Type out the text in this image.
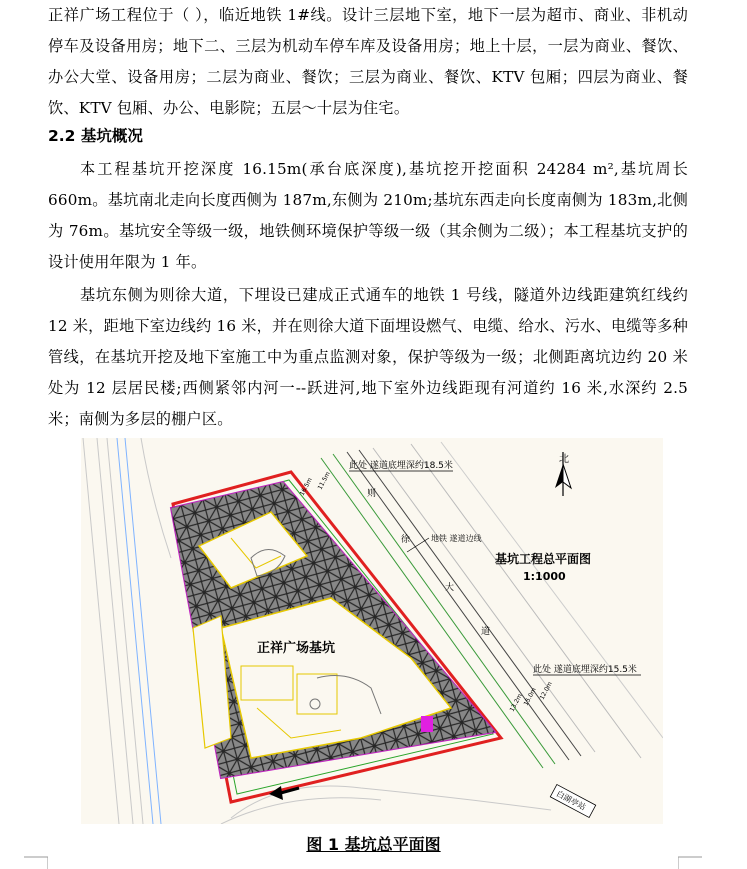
正祥广场工程位于（ ），临近地铁 1#线。设计三层地下室，地下一层为超市、商业、非机动停车及设备用房；地下二、三层为机动车停车库及设备用房；地上十层，一层为商业、餐饮、办公大堂、设备用房；二层为商业、餐饮；三层为商业、餐饮、KTV 包厢；四层为商业、餐饮、KTV 包厢、办公、电影院；五层～十层为住宅。

2.2 基坑概况

本工程基坑开挖深度 16.15m(承台底深度),基坑挖开挖面积 24284 m²,基坑周长 660m。基坑南北走向长度西侧为 187m,东侧为 210m;基坑东西走向长度南侧为 183m,北侧为 76m。基坑安全等级一级，地铁侧环境保护等级一级（其余侧为二级）；本工程基坑支护的设计使用年限为 1 年。

基坑东侧为则徐大道，下埋设已建成正式通车的地铁 1 号线，隧道外边线距建筑红线约 12 米，距地下室边线约 16 米，并在则徐大道下面埋设燃气、电缆、给水、污水、电缆等多种管线，在基坑开挖及地下室施工中为重点监测对象，保护等级为一级；北侧距离坑边约 20 米处为 12 层居民楼;西侧紧邻内河一--跃进河,地下室外边线距现有河道约 16 米,水深约 2.5 米；南侧为多层的棚户区。

正祥广场基坑
基坑工程总平面图
1:1000
北
此处 遂道底埋深约18.5米
此处 遂道底埋深约15.5米
地铁 遂道边线
则
徐
大
道
16.5m 11.5m
13.2m
15.0m 12.0m
白湖亭站
图 1 基坑总平面图
